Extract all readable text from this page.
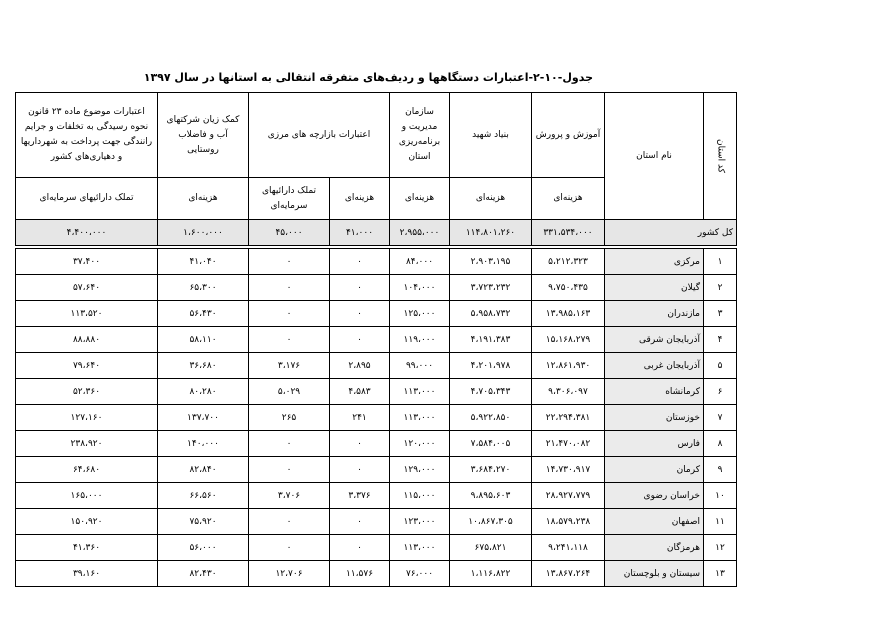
جدول-۱۰-۲-اعتبارات دستگاهها و ردیف‌های متفرقه انتقالی به استانها در سال ۱۳۹۷
کد استان	نام استان	آموزش و پرورش	بنیاد شهید	سازمان مدیریت و برنامه‌ریزی استان	اعتبارات بازارچه های مرزی		کمک زیان شرکتهای آب و فاضلاب روستایی	اعتبارات موضوع ماده ۲۳ قانون نحوه رسیدگی به تخلفات و جرایم رانندگی جهت پرداخت به شهرداریها و دهیاری‌های کشور
		هزینه‌ای	هزینه‌ای	هزینه‌ای	هزینه‌ای	تملک دارائیهای سرمایه‌ای	هزینه‌ای	تملک دارائیهای سرمایه‌ای
کل کشور		۳۳۱،۵۳۴،۰۰۰	۱۱۴،۸۰۱،۲۶۰	۲،۹۵۵،۰۰۰	۴۱،۰۰۰	۴۵،۰۰۰	۱،۶۰۰،۰۰۰	۴،۴۰۰،۰۰۰

۱	مرکزی	۵،۲۱۲،۳۲۳	۲،۹۰۳،۱۹۵	۸۴،۰۰۰	۰	۰	۴۱،۰۴۰	۳۷،۴۰۰
۲	گیلان	۹،۷۵۰،۴۳۵	۳،۷۲۳،۲۳۲	۱۰۴،۰۰۰	۰	۰	۶۵،۳۰۰	۵۷،۶۴۰
۳	مازندران	۱۳،۹۸۵،۱۶۳	۵،۹۵۸،۷۳۲	۱۲۵،۰۰۰	۰	۰	۵۶،۴۳۰	۱۱۳،۵۲۰
۴	آذربایجان شرقی	۱۵،۱۶۸،۲۷۹	۴،۱۹۱،۳۸۳	۱۱۹،۰۰۰	۰	۰	۵۸،۱۱۰	۸۸،۸۸۰
۵	آذربایجان غربی	۱۲،۸۶۱،۹۳۰	۴،۲۰۱،۹۷۸	۹۹،۰۰۰	۲،۸۹۵	۳،۱۷۶	۳۶،۶۸۰	۷۹،۶۴۰
۶	کرمانشاه	۹،۳۰۶،۰۹۷	۴،۷۰۵،۳۴۳	۱۱۳،۰۰۰	۴،۵۸۳	۵،۰۲۹	۸۰،۲۸۰	۵۲،۳۶۰
۷	خوزستان	۲۲،۲۹۴،۳۸۱	۵،۹۲۲،۸۵۰	۱۱۳،۰۰۰	۲۴۱	۲۶۵	۱۳۷،۷۰۰	۱۲۷،۱۶۰
۸	فارس	۲۱،۴۷۰،۰۸۲	۷،۵۸۴،۰۰۵	۱۲۰،۰۰۰	۰	۰	۱۴۰،۰۰۰	۲۳۸،۹۲۰
۹	کرمان	۱۴،۷۳۰،۹۱۷	۳،۶۸۴،۲۷۰	۱۲۹،۰۰۰	۰	۰	۸۲،۸۴۰	۶۴،۶۸۰
۱۰	خراسان رضوی	۲۸،۹۲۷،۷۷۹	۹،۸۹۵،۶۰۳	۱۱۵،۰۰۰	۳،۳۷۶	۳،۷۰۶	۶۶،۵۶۰	۱۶۵،۰۰۰
۱۱	اصفهان	۱۸،۵۷۹،۲۳۸	۱۰،۸۶۷،۳۰۵	۱۲۳،۰۰۰	۰	۰	۷۵،۹۲۰	۱۵۰،۹۲۰
۱۲	هرمزگان	۹،۲۴۱،۱۱۸	۶۷۵،۸۲۱	۱۱۳،۰۰۰	۰	۰	۵۶،۰۰۰	۴۱،۳۶۰
۱۳	سیستان و بلوچستان	۱۳،۸۶۷،۲۶۴	۱،۱۱۶،۸۲۲	۷۶،۰۰۰	۱۱،۵۷۶	۱۲،۷۰۶	۸۲،۴۳۰	۳۹،۱۶۰
